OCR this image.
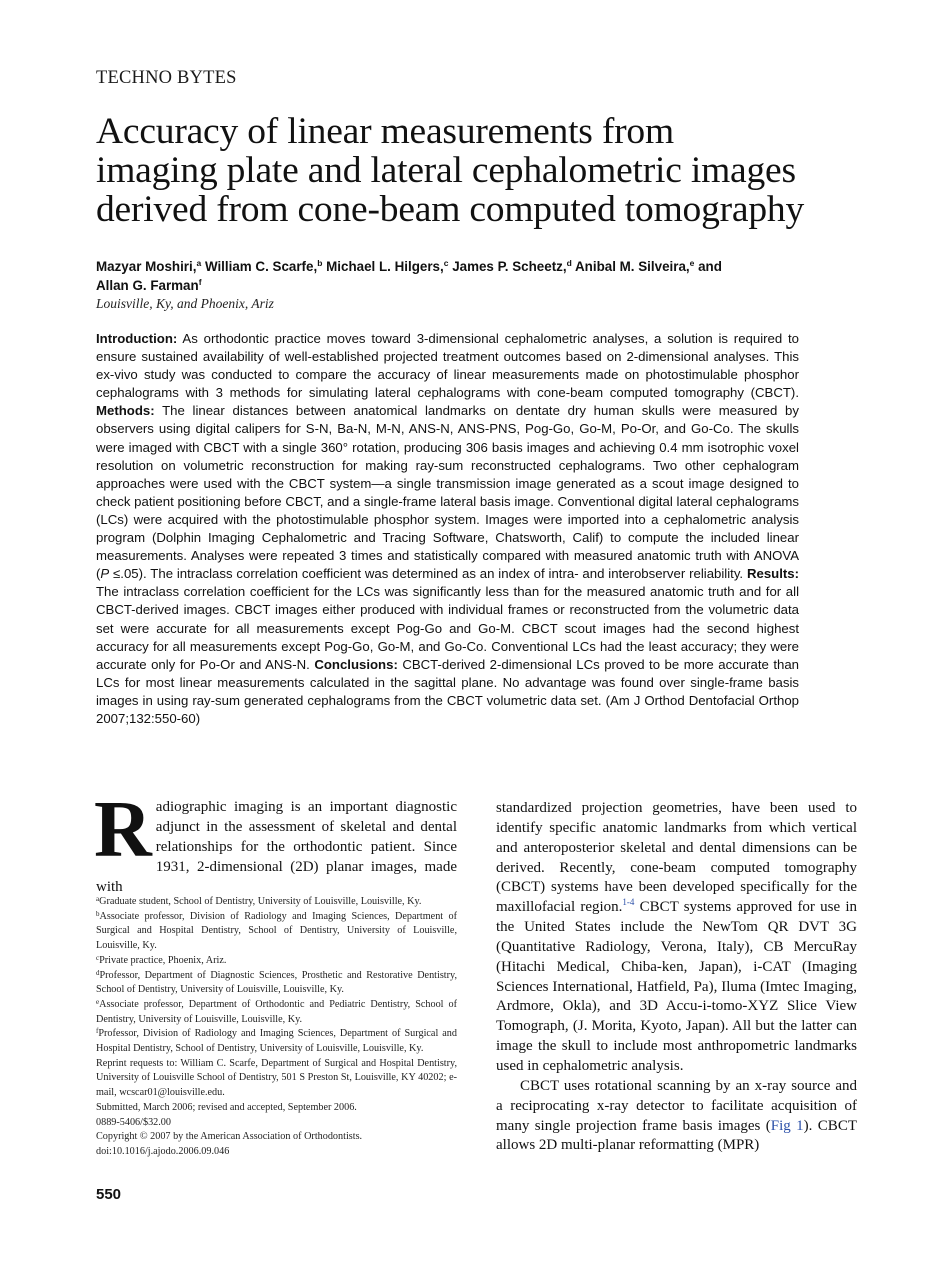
TECHNO BYTES
Accuracy of linear measurements from
imaging plate and lateral cephalometric images
derived from cone-beam computed tomography
Mazyar Moshiri,$^a$ William C. Scarfe,$^b$ Michael L. Hilgers,$^c$ James P. Scheetz,$^d$ Anibal M. Silveira,$^e$ and
Allan G. Farman$^f$
Louisville, Ky, and Phoenix, Ariz
Introduction: As orthodontic practice moves toward 3-dimensional cephalometric analyses, a solution is required to ensure sustained availability of well-established projected treatment outcomes based on 2-dimensional analyses. This ex-vivo study was conducted to compare the accuracy of linear measurements made on photostimulable phosphor cephalograms with 3 methods for simulating lateral cephalograms with cone-beam computed tomography (CBCT). Methods: The linear distances between anatomical landmarks on dentate dry human skulls were measured by observers using digital calipers for S-N, Ba-N, M-N, ANS-N, ANS-PNS, Pog-Go, Go-M, Po-Or, and Go-Co. The skulls were imaged with CBCT with a single 360° rotation, producing 306 basis images and achieving 0.4 mm isotrophic voxel resolution on volumetric reconstruction for making ray-sum reconstructed cephalograms. Two other cephalogram approaches were used with the CBCT system—a single transmission image generated as a scout image designed to check patient positioning before CBCT, and a single-frame lateral basis image. Conventional digital lateral cephalograms (LCs) were acquired with the photostimulable phosphor system. Images were imported into a cephalometric analysis program (Dolphin Imaging Cephalometric and Tracing Software, Chatsworth, Calif) to compute the included linear measurements. Analyses were repeated 3 times and statistically compared with measured anatomic truth with ANOVA (P ≤.05). The intraclass correlation coefficient was determined as an index of intra- and interobserver reliability. Results: The intraclass correlation coefficient for the LCs was significantly less than for the measured anatomic truth and for all CBCT-derived images. CBCT images either produced with individual frames or reconstructed from the volumetric data set were accurate for all measurements except Pog-Go and Go-M. CBCT scout images had the second highest accuracy for all measurements except Pog-Go, Go-M, and Go-Co. Conventional LCs had the least accuracy; they were accurate only for Po-Or and ANS-N. Conclusions: CBCT-derived 2-dimensional LCs proved to be more accurate than LCs for most linear measurements calculated in the sagittal plane. No advantage was found over single-frame basis images in using ray-sum generated cephalograms from the CBCT volumetric data set. (Am J Orthod Dentofacial Orthop 2007;132:550-60)
Radiographic imaging is an important diagnostic adjunct in the assessment of skeletal and dental relationships for the orthodontic patient. Since 1931, 2-dimensional (2D) planar images, made with

$^a$Graduate student, School of Dentistry, University of Louisville, Louisville, Ky.

$^b$Associate professor, Division of Radiology and Imaging Sciences, Department of Surgical and Hospital Dentistry, School of Dentistry, University of Louisville, Louisville, Ky.

$^c$Private practice, Phoenix, Ariz.

$^d$Professor, Department of Diagnostic Sciences, Prosthetic and Restorative Dentistry, School of Dentistry, University of Louisville, Louisville, Ky.

$^e$Associate professor, Department of Orthodontic and Pediatric Dentistry, School of Dentistry, University of Louisville, Louisville, Ky.

$^f$Professor, Division of Radiology and Imaging Sciences, Department of Surgical and Hospital Dentistry, School of Dentistry, University of Louisville, Louisville, Ky.

Reprint requests to: William C. Scarfe, Department of Surgical and Hospital Dentistry, University of Louisville School of Dentistry, 501 S Preston St, Louisville, KY 40202; e-mail, wcscar01@louisville.edu.

Submitted, March 2006; revised and accepted, September 2006.

0889-5406/$32.00

Copyright © 2007 by the American Association of Orthodontists.

doi:10.1016/j.ajodo.2006.09.046

550

standardized projection geometries, have been used to identify specific anatomic landmarks from which vertical and anteroposterior skeletal and dental dimensions can be derived. Recently, cone-beam computed tomography (CBCT) systems have been developed specifically for the maxillofacial region.$^{1-4}$ CBCT systems approved for use in the United States include the NewTom QR DVT 3G (Quantitative Radiology, Verona, Italy), CB MercuRay (Hitachi Medical, Chiba-ken, Japan), i-CAT (Imaging Sciences International, Hatfield, Pa), Iluma (Imtec Imaging, Ardmore, Okla), and 3D Accu-i-tomo-XYZ Slice View Tomograph, (J. Morita, Kyoto, Japan). All but the latter can image the skull to include most anthropometric landmarks used in cephalometric analysis.

CBCT uses rotational scanning by an x-ray source and a reciprocating x-ray detector to facilitate acquisition of many single projection frame basis images (Fig 1). CBCT allows 2D multi-planar reformatting (MPR)
